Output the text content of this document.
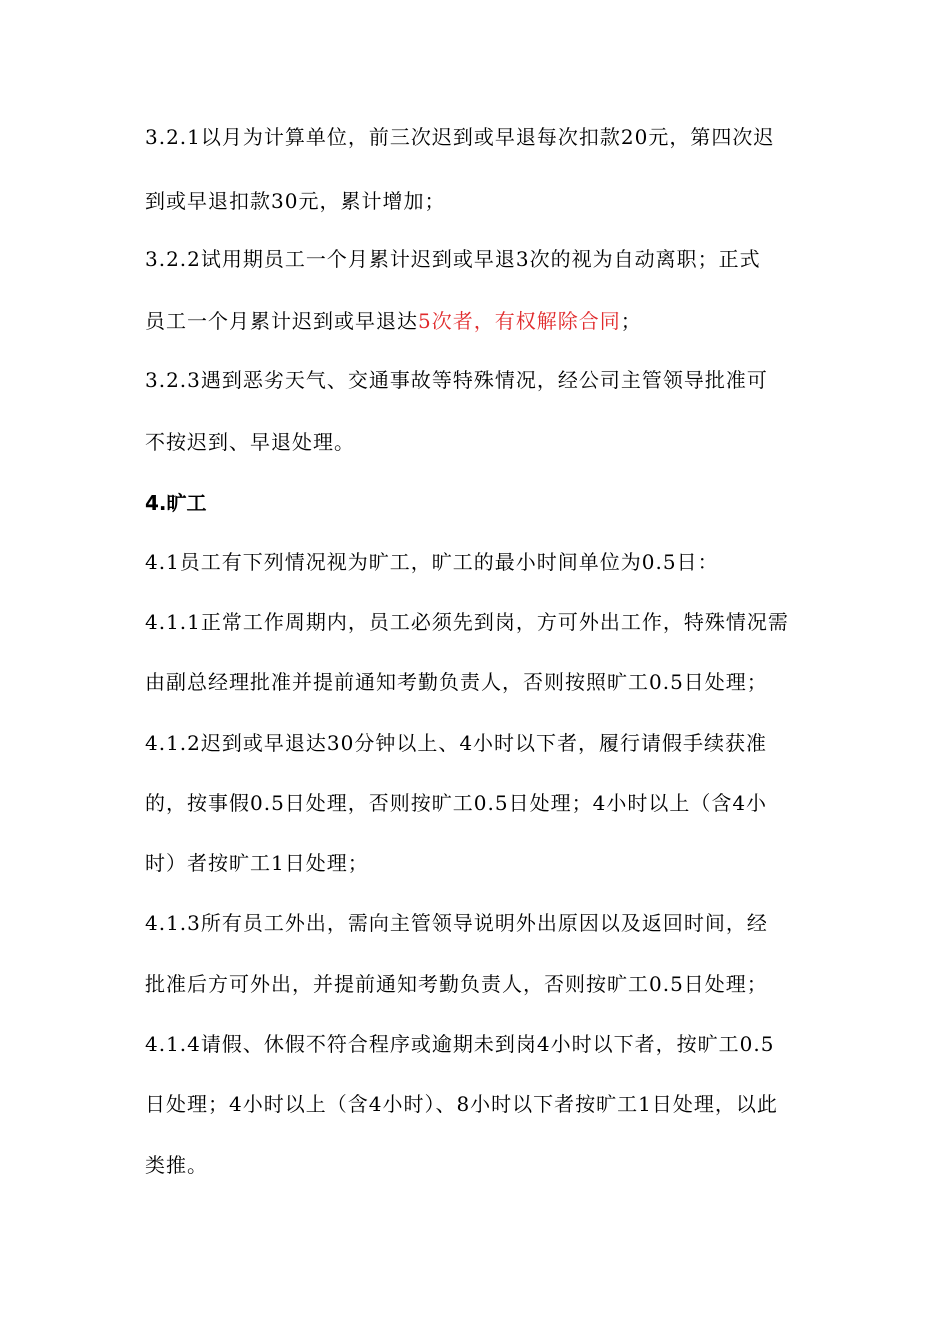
3.2.1以月为计算单位，前三次迟到或早退每次扣款20元，第四次迟
到或早退扣款30元，累计增加；
3.2.2试用期员工一个月累计迟到或早退3次的视为自动离职；正式
员工一个月累计迟到或早退达5次者，有权解除合同；
3.2.3遇到恶劣天气、交通事故等特殊情况，经公司主管领导批准可
不按迟到、早退处理。
4.旷工
4.1员工有下列情况视为旷工，旷工的最小时间单位为0.5日：
4.1.1正常工作周期内，员工必须先到岗，方可外出工作，特殊情况需
由副总经理批准并提前通知考勤负责人，否则按照旷工0.5日处理；
4.1.2迟到或早退达30分钟以上、4小时以下者，履行请假手续获准
的，按事假0.5日处理，否则按旷工0.5日处理；4小时以上（含4小
时）者按旷工1日处理；
4.1.3所有员工外出，需向主管领导说明外出原因以及返回时间，经
批准后方可外出，并提前通知考勤负责人，否则按旷工0.5日处理；
4.1.4请假、休假不符合程序或逾期未到岗4小时以下者，按旷工0.5
日处理；4小时以上（含4小时）、8小时以下者按旷工1日处理，以此
类推。
